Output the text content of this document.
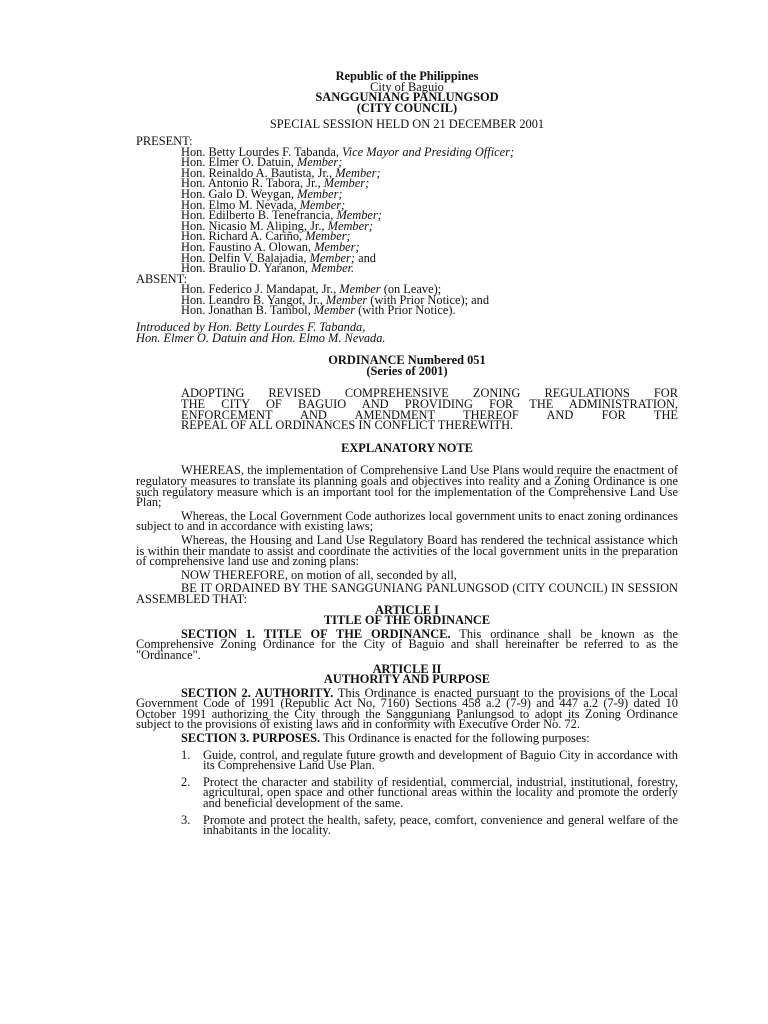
Republic of the Philippines
City of Baguio
SANGGUNIANG PANLUNGSOD
(CITY COUNCIL)
SPECIAL SESSION HELD ON 21 DECEMBER 2001
PRESENT:
Hon. Betty Lourdes F. Tabanda, Vice Mayor and Presiding Officer;
Hon. Elmer O. Datuin, Member;
Hon. Reinaldo A. Bautista, Jr., Member;
Hon. Antonio R. Tabora, Jr., Member;
Hon. Galo D. Weygan, Member;
Hon. Elmo M. Nevada, Member;
Hon. Edilberto B. Tenefrancia, Member;
Hon. Nicasio M. Aliping, Jr., Member;
Hon. Richard A. Cariño, Member;
Hon. Faustino A. Olowan, Member;
Hon. Delfin V. Balajadia, Member; and
Hon. Braulio D. Yaranon, Member.
ABSENT:
Hon. Federico J. Mandapat, Jr., Member (on Leave);
Hon. Leandro B. Yangot, Jr., Member (with Prior Notice); and
Hon. Jonathan B. Tambol, Member (with Prior Notice).
Introduced by Hon. Betty Lourdes F. Tabanda,
Hon. Elmer O. Datuin and Hon. Elmo M. Nevada.
ORDINANCE Numbered 051
(Series of 2001)
ADOPTING REVISED COMPREHENSIVE ZONING REGULATIONS FOR
THE CITY OF BAGUIO AND PROVIDING FOR THE ADMINISTRATION,
ENFORCEMENT AND AMENDMENT THEREOF AND FOR THE
REPEAL OF ALL ORDINANCES IN CONFLICT THEREWITH.
EXPLANATORY NOTE
WHEREAS, the implementation of Comprehensive Land Use Plans would require the enactment of regulatory measures to translate its planning goals and objectives into reality and a Zoning Ordinance is one such regulatory measure which is an important tool for the implementation of the Comprehensive Land Use Plan;
Whereas, the Local Government Code authorizes local government units to enact zoning ordinances subject to and in accordance with existing laws;
Whereas, the Housing and Land Use Regulatory Board has rendered the technical assistance which is within their mandate to assist and coordinate the activities of the local government units in the preparation of comprehensive land use and zoning plans:
NOW THEREFORE, on motion of all, seconded by all,
BE IT ORDAINED BY THE SANGGUNIANG PANLUNGSOD (CITY COUNCIL) IN SESSION ASSEMBLED THAT:
ARTICLE I
TITLE OF THE ORDINANCE
SECTION 1. TITLE OF THE ORDINANCE. This ordinance shall be known as the Comprehensive Zoning Ordinance for the City of Baguio and shall hereinafter be referred to as the "Ordinance".
ARTICLE II
AUTHORITY AND PURPOSE
SECTION 2. AUTHORITY. This Ordinance is enacted pursuant to the provisions of the Local Government Code of 1991 (Republic Act No, 7160) Sections 458 a.2 (7-9) and 447 a.2 (7-9) dated 10 October 1991 authorizing the City through the Sangguniang Panlungsod to adopt its Zoning Ordinance subject to the provisions of existing laws and in conformity with Executive Order No. 72.
SECTION 3. PURPOSES. This Ordinance is enacted for the following purposes:
1.	Guide, control, and regulate future growth and development of Baguio City in accordance with its Comprehensive Land Use Plan.
2.	Protect the character and stability of residential, commercial, industrial, institutional, forestry, agricultural, open space and other functional areas within the locality and promote the orderly and beneficial development of the same.
3.	Promote and protect the health, safety, peace, comfort, convenience and general welfare of the inhabitants in the locality.
